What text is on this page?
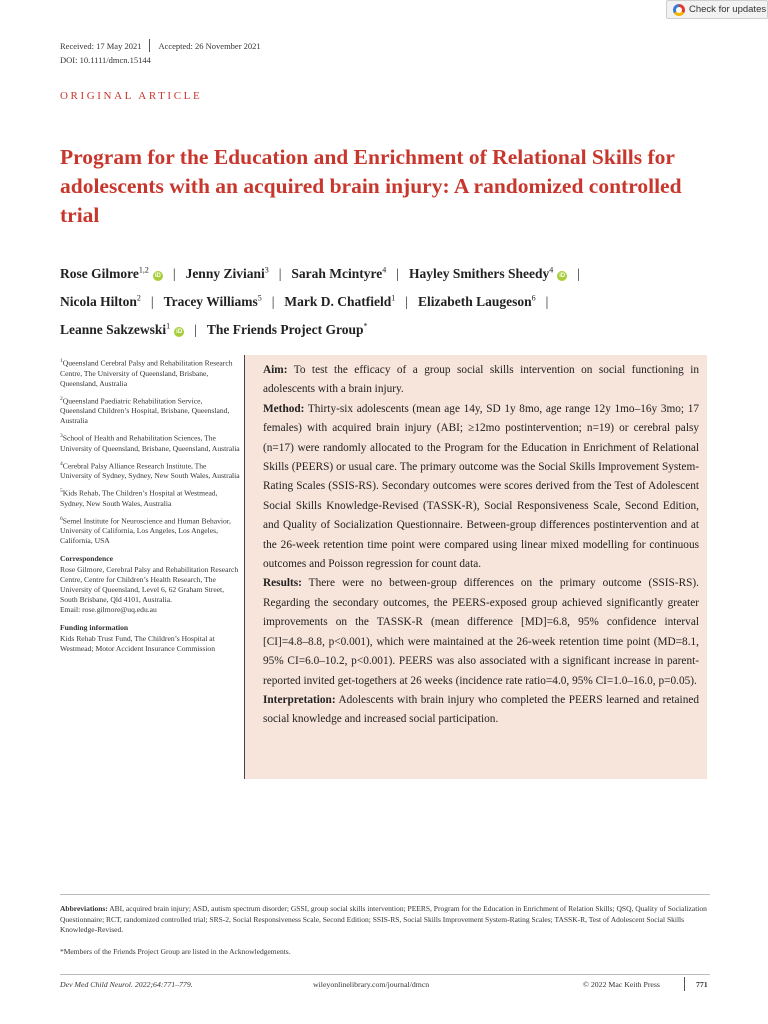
Check for updates
Received: 17 May 2021 Accepted: 26 November 2021
DOI: 10.1111/dmcn.15144
ORIGINAL ARTICLE
Program for the Education and Enrichment of Relational Skills for adolescents with an acquired brain injury: A randomized controlled trial
Rose Gilmore$^{1,2}$iD | Jenny Ziviani$^3$ | Sarah Mcintyre$^4$ | Hayley Smithers Sheedy$^4$iD |
Nicola Hilton$^2$ | Tracey Williams$^5$ | Mark D. Chatfield$^1$ | Elizabeth Laugeson$^6$ |
Leanne Sakzewski$^1$iD | The Friends Project Group*

$^1$Queensland Cerebral Palsy and Rehabilitation Research Centre, The University of Queensland, Brisbane, Queensland, Australia

$^2$Queensland Paediatric Rehabilitation Service, Queensland Children’s Hospital, Brisbane, Queensland, Australia

$^3$School of Health and Rehabilitation Sciences, The University of Queensland, Brisbane, Queensland, Australia

$^4$Cerebral Palsy Alliance Research Institute, The University of Sydney, Sydney, New South Wales, Australia

$^5$Kids Rehab, The Children’s Hospital at Westmead, Sydney, New South Wales, Australia

$^6$Semel Institute for Neuroscience and Human Behavior, University of California, Los Angeles, Los Angeles, California, USA

Correspondence

Rose Gilmore, Cerebral Palsy and Rehabilitation Research Centre, Centre for Children’s Health Research, The University of Queensland, Level 6, 62 Graham Street, South Brisbane, Qld 4101, Australia.
Email: rose.gilmore@uq.edu.au

Funding information

Kids Rehab Trust Fund, The Children’s Hospital at Westmead; Motor Accident Insurance Commission

Aim: To test the efficacy of a group social skills intervention on social functioning in adolescents with a brain injury.
Method: Thirty-six adolescents (mean age 14y, SD 1y 8mo, age range 12y 1mo–16y 3mo; 17 females) with acquired brain injury (ABI; ≥12mo postintervention; n=19) or cerebral palsy (n=17) were randomly allocated to the Program for the Education in Enrichment of Relational Skills (PEERS) or usual care. The primary outcome was the Social Skills Improvement System-Rating Scales (SSIS-RS). Secondary outcomes were scores derived from the Test of Adolescent Social Skills Knowledge-Revised (TASSK-R), Social Responsiveness Scale, Second Edition, and Quality of Socialization Questionnaire. Between-group differences postintervention and at the 26-week retention time point were compared using linear mixed modelling for continuous outcomes and Poisson regression for count data.
Results: There were no between-group differences on the primary outcome (SSIS-RS). Regarding the secondary outcomes, the PEERS-exposed group achieved significantly greater improvements on the TASSK-R (mean difference [MD]=6.8, 95% confidence interval [CI]=4.8–8.8, p<0.001), which were maintained at the 26-week retention time point (MD=8.1, 95% CI=6.0–10.2, p<0.001). PEERS was also associated with a significant increase in parent-reported invited get-togethers at 26 weeks (incidence rate ratio=4.0, 95% CI=1.0–16.0, p=0.05).
Interpretation: Adolescents with brain injury who completed the PEERS learned and retained social knowledge and increased social participation.
Abbreviations: ABI, acquired brain injury; ASD, autism spectrum disorder; GSSI, group social skills intervention; PEERS, Program for the Education in Enrichment of Relation Skills; QSQ, Quality of Socialization Questionnaire; RCT, randomized controlled trial; SRS-2, Social Responsiveness Scale, Second Edition; SSIS-RS, Social Skills Improvement System-Rating Scales; TASSK-R, Test of Adolescent Social Skills Knowledge-Revised.
*Members of the Friends Project Group are listed in the Acknowledgements.
Dev Med Child Neurol. 2022;64:771–779.	wileyonlinelibrary.com/journal/dmcn	© 2022 Mac Keith Press	771
